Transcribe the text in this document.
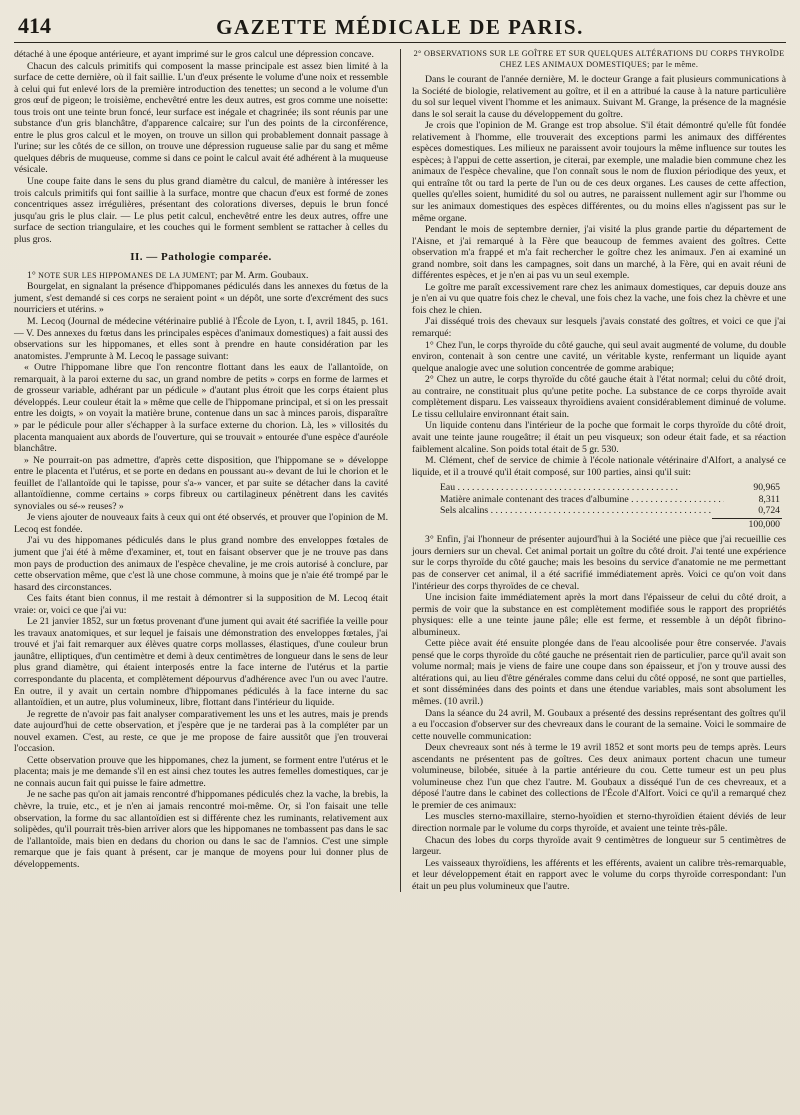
414	GAZETTE MÉDICALE DE PARIS.

détaché à une époque antérieure, et ayant imprimé sur le gros calcul une dépression concave.

Chacun des calculs primitifs qui composent la masse principale est assez bien limité à la surface de cette dernière, où il fait saillie. L'un d'eux présente le volume d'une noix et ressemble à celui qui fut enlevé lors de la première introduction des tenettes; un second a le volume d'un gros œuf de pigeon; le troisième, enchevêtré entre les deux autres, est gros comme une noisette: tous trois ont une teinte brun foncé, leur surface est inégale et chagrinée; ils sont réunis par une substance d'un gris blanchâtre, d'apparence calcaire; sur l'un des points de la circonférence, entre le plus gros calcul et le moyen, on trouve un sillon qui probablement donnait passage à l'urine; sur les côtés de ce sillon, on trouve une dépression rugueuse salie par du sang et même quelques débris de muqueuse, comme si dans ce point le calcul avait été adhérent à la muqueuse vésicale.

Une coupe faite dans le sens du plus grand diamètre du calcul, de manière à intéresser les trois calculs primitifs qui font saillie à la surface, montre que chacun d'eux est formé de zones concentriques assez irrégulières, présentant des colorations diverses, depuis le brun foncé jusqu'au gris le plus clair. — Le plus petit calcul, enchevêtré entre les deux autres, offre une surface de section triangulaire, et les couches qui le forment semblent se rattacher à celles du plus gros.

II. — Pathologie comparée.

1° NOTE SUR LES HIPPOMANES DE LA JUMENT; par M. Arm. Goubaux.

Bourgelat, en signalant la présence d'hippomanes pédiculés dans les annexes du fœtus de la jument, s'est demandé si ces corps ne seraient point « un dépôt, une sorte d'excrément des sucs nourriciers et utérins. »

M. Lecoq (Journal de médecine vétérinaire publié à l'École de Lyon, t. I, avril 1845, p. 161. — V. Des annexes du fœtus dans les principales espèces d'animaux domestiques) a fait aussi des observations sur les hippomanes, et elles sont à prendre en haute considération par les anatomistes. J'emprunte à M. Lecoq le passage suivant:

« Outre l'hippomane libre que l'on rencontre flottant dans les eaux de l'allantoïde, on remarquait, à la paroi externe du sac, un grand nombre de petits » corps en forme de larmes et de grosseur variable, adhérant par un pédicule » d'autant plus étroit que les corps étaient plus développés. Leur couleur était la » même que celle de l'hippomane principal, et si on les pressait entre les doigts, » on voyait la matière brune, contenue dans un sac à minces parois, disparaître » par le pédicule pour aller s'échapper à la surface externe du chorion. Là, les » villosités du placenta manquaient aux abords de l'ouverture, qui se trouvait » entourée d'une espèce d'auréole blanchâtre.

» Ne pourrait-on pas admettre, d'après cette disposition, que l'hippomane se » développe entre le placenta et l'utérus, et se porte en dedans en poussant au-» devant de lui le chorion et le feuillet de l'allantoïde qui le tapisse, pour s'a-» vancer, et par suite se détacher dans la cavité allantoïdienne, comme certains » corps fibreux ou cartilagineux pénètrent dans les cavités synoviales ou sé-» reuses? »

Je viens ajouter de nouveaux faits à ceux qui ont été observés, et prouver que l'opinion de M. Lecoq est fondée.

J'ai vu des hippomanes pédiculés dans le plus grand nombre des enveloppes fœtales de jument que j'ai été à même d'examiner, et, tout en faisant observer que je ne trouve pas dans mon pays de production des animaux de l'espèce chevaline, je me crois autorisé à conclure, par cette observation même, que c'est là une chose commune, à moins que je n'aie été trompé par le hasard des circonstances.

Ces faits étant bien connus, il me restait à démontrer si la supposition de M. Lecoq était vraie: or, voici ce que j'ai vu:

Le 21 janvier 1852, sur un fœtus provenant d'une jument qui avait été sacrifiée la veille pour les travaux anatomiques, et sur lequel je faisais une démonstration des enveloppes fœtales, j'ai trouvé et j'ai fait remarquer aux élèves quatre corps mollasses, élastiques, d'une couleur brun jaunâtre, elliptiques, d'un centimètre et demi à deux centimètres de longueur dans le sens de leur plus grand diamètre, qui étaient interposés entre la face interne de l'utérus et la partie correspondante du placenta, et complètement dépourvus d'adhérence avec l'un ou avec l'autre. En outre, il y avait un certain nombre d'hippomanes pédiculés à la face interne du sac allantoïdien, et un autre, plus volumineux, libre, flottant dans l'intérieur du liquide.

Je regrette de n'avoir pas fait analyser comparativement les uns et les autres, mais je prends date aujourd'hui de cette observation, et j'espère que je ne tarderai pas à la compléter par un nouvel examen. C'est, au reste, ce que je me propose de faire aussitôt que j'en trouverai l'occasion.

Cette observation prouve que les hippomanes, chez la jument, se forment entre l'utérus et le placenta; mais je me demande s'il en est ainsi chez toutes les autres femelles domestiques, car je ne connais aucun fait qui puisse le faire admettre.

Je ne sache pas qu'on ait jamais rencontré d'hippomanes pédiculés chez la vache, la brebis, la chèvre, la truie, etc., et je n'en ai jamais rencontré moi-même. Or, si l'on faisait une telle observation, la forme du sac allantoïdien est si différente chez les ruminants, relativement aux solipèdes, qu'il pourrait très-bien arriver alors que les hippomanes ne tombassent pas dans le sac de l'allantoïde, mais bien en dedans du chorion ou dans le sac de l'amnios. C'est une simple remarque que je fais quant à présent, car je manque de moyens pour lui donner plus de développements.

2° OBSERVATIONS SUR LE GOÎTRE ET SUR QUELQUES ALTÉRATIONS DU CORPS THYROÏDE CHEZ LES ANIMAUX DOMESTIQUES; par le même.

Dans le courant de l'année dernière, M. le docteur Grange a fait plusieurs communications à la Société de biologie, relativement au goître, et il en a attribué la cause à la nature particulière du sol sur lequel vivent l'homme et les animaux. Suivant M. Grange, la présence de la magnésie dans le sol serait la cause du développement du goître.

Je crois que l'opinion de M. Grange est trop absolue. S'il était démontré qu'elle fût fondée relativement à l'homme, elle trouverait des exceptions parmi les animaux des différentes espèces domestiques. Les milieux ne paraissent avoir toujours la même influence sur toutes les espèces; à l'appui de cette assertion, je citerai, par exemple, une maladie bien commune chez les animaux de l'espèce chevaline, que l'on connaît sous le nom de fluxion périodique des yeux, et qui entraîne tôt ou tard la perte de l'un ou de ces deux organes. Les causes de cette affection, quelles qu'elles soient, humidité du sol ou autres, ne paraissent nullement agir sur l'homme ou sur les animaux domestiques des espèces différentes, ou du moins elles n'agissent pas sur le même organe.

Pendant le mois de septembre dernier, j'ai visité la plus grande partie du département de l'Aisne, et j'ai remarqué à la Fère que beaucoup de femmes avaient des goîtres. Cette observation m'a frappé et m'a fait rechercher le goître chez les animaux. J'en ai examiné un grand nombre, soit dans les campagnes, soit dans un marché, à la Fère, qui en avait réuni de différentes espèces, et je n'en ai pas vu un seul exemple.

Le goître me paraît excessivement rare chez les animaux domestiques, car depuis douze ans je n'en ai vu que quatre fois chez le cheval, une fois chez la vache, une fois chez la chèvre et une fois chez le chien.

J'ai disséqué trois des chevaux sur lesquels j'avais constaté des goîtres, et voici ce que j'ai remarqué:

1° Chez l'un, le corps thyroïde du côté gauche, qui seul avait augmenté de volume, du double environ, contenait à son centre une cavité, un véritable kyste, renfermant un liquide ayant quelque analogie avec une solution concentrée de gomme arabique;

2° Chez un autre, le corps thyroïde du côté gauche était à l'état normal; celui du côté droit, au contraire, ne constituait plus qu'une petite poche. La substance de ce corps thyroïde avait complètement disparu. Les vaisseaux thyroïdiens avaient considérablement diminué de volume. Le tissu cellulaire environnant était sain.

Un liquide contenu dans l'intérieur de la poche que formait le corps thyroïde du côté droit, avait une teinte jaune rougeâtre; il était un peu visqueux; son odeur était fade, et sa réaction faiblement alcaline. Son poids total était de 5 gr. 530.

M. Clément, chef de service de chimie à l'école nationale vétérinaire d'Alfort, a analysé ce liquide, et il a trouvé qu'il était composé, sur 100 parties, ainsi qu'il suit:

Eau . . .	90,965
Matière animale contenant des traces d'albumine . . .	8,311
Sels alcalins . . .	0,724
100,000

3° Enfin, j'ai l'honneur de présenter aujourd'hui à la Société une pièce que j'ai recueillie ces jours derniers sur un cheval. Cet animal portait un goître du côté droit. J'ai tenté une expérience sur le corps thyroïde du côté gauche; mais les besoins du service d'anatomie ne me permettant pas de conserver cet animal, il a été sacrifié immédiatement après. Voici ce qu'on voit dans l'intérieur des corps thyroïdes de ce cheval.

Une incision faite immédiatement après la mort dans l'épaisseur de celui du côté droit, a permis de voir que la substance en est complètement modifiée sous le rapport des propriétés physiques: elle a une teinte jaune pâle; elle est ferme, et ressemble à un dépôt fibrino-albumineux.

Cette pièce avait été ensuite plongée dans de l'eau alcoolisée pour être conservée. J'avais pensé que le corps thyroïde du côté gauche ne présentait rien de particulier, parce qu'il avait son volume normal; mais je viens de faire une coupe dans son épaisseur, et j'on y trouve aussi des altérations qui, au lieu d'être générales comme dans celui du côté opposé, ne sont que partielles, et sont disséminées dans des points et dans une étendue variables, mais sont absolument les mêmes. (10 avril.)

Dans la séance du 24 avril, M. Goubaux a présenté des dessins représentant des goîtres qu'il a eu l'occasion d'observer sur des chevreaux dans le courant de la semaine. Voici le sommaire de cette nouvelle communication:

Deux chevreaux sont nés à terme le 19 avril 1852 et sont morts peu de temps après. Leurs ascendants ne présentent pas de goîtres. Ces deux animaux portent chacun une tumeur volumineuse, bilobée, située à la partie antérieure du cou. Cette tumeur est un peu plus volumineuse chez l'un que chez l'autre. M. Goubaux a disséqué l'un de ces chevreaux, et a déposé l'autre dans le cabinet des collections de l'École d'Alfort. Voici ce qu'il a remarqué chez le premier de ces animaux:

Les muscles sterno-maxillaire, sterno-hyoïdien et sterno-thyroïdien étaient déviés de leur direction normale par le volume du corps thyroïde, et avaient une teinte très-pâle.

Chacun des lobes du corps thyroïde avait 9 centimètres de longueur sur 5 centimètres de largeur.

Les vaisseaux thyroïdiens, les afférents et les efférents, avaient un calibre très-remarquable, et leur développement était en rapport avec le volume du corps thyroïde correspondant: l'un était un peu plus volumineux que l'autre.
